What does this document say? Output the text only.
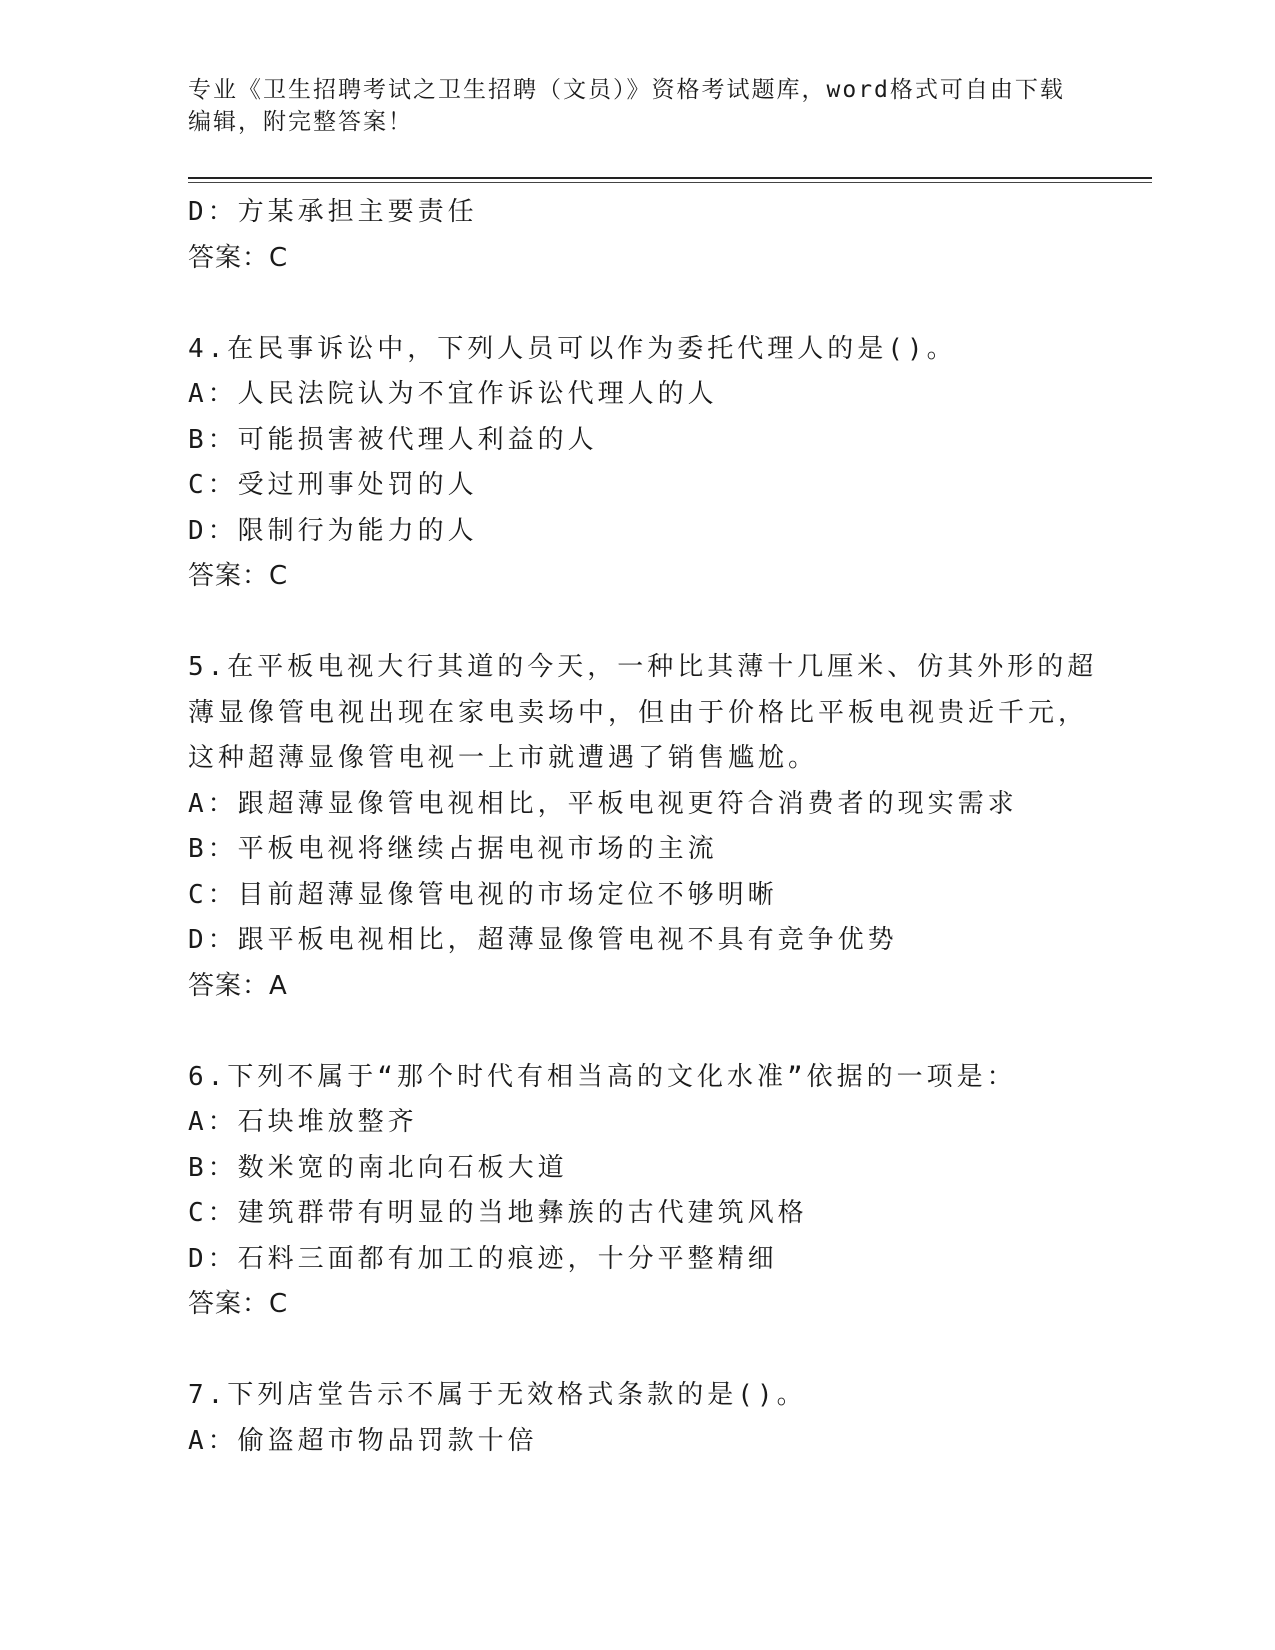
专业《卫生招聘考试之卫生招聘（文员）》资格考试题库，word格式可自由下载
编辑，附完整答案！
D：方某承担主要责任
答案：C
4.在民事诉讼中，下列人员可以作为委托代理人的是()。
A：人民法院认为不宜作诉讼代理人的人
B：可能损害被代理人利益的人
C：受过刑事处罚的人
D：限制行为能力的人
答案：C
5.在平板电视大行其道的今天，一种比其薄十几厘米、仿其外形的超
薄显像管电视出现在家电卖场中，但由于价格比平板电视贵近千元，
这种超薄显像管电视一上市就遭遇了销售尴尬。
A：跟超薄显像管电视相比，平板电视更符合消费者的现实需求
B：平板电视将继续占据电视市场的主流
C：目前超薄显像管电视的市场定位不够明晰
D：跟平板电视相比，超薄显像管电视不具有竞争优势
答案：A
6.下列不属于“那个时代有相当高的文化水准”依据的一项是：
A：石块堆放整齐
B：数米宽的南北向石板大道
C：建筑群带有明显的当地彝族的古代建筑风格
D：石料三面都有加工的痕迹，十分平整精细
答案：C
7.下列店堂告示不属于无效格式条款的是()。
A：偷盗超市物品罚款十倍
